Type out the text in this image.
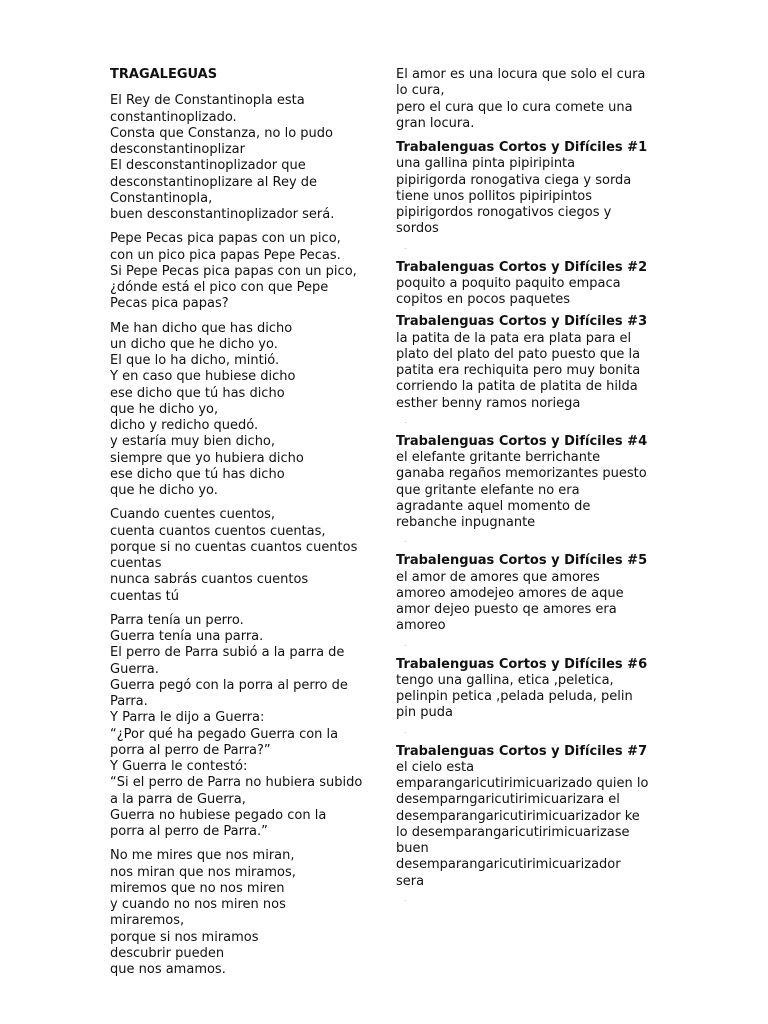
TRAGALEGUAS
El Rey de Constantinopla esta
constantinoplizado.
Consta que Constanza, no lo pudo
desconstantinoplizar
El desconstantinoplizador que
desconstantinoplizare al Rey de
Constantinopla,
buen desconstantinoplizador será.
Pepe Pecas pica papas con un pico,
con un pico pica papas Pepe Pecas.
Si Pepe Pecas pica papas con un pico,
¿dónde está el pico con que Pepe
Pecas pica papas?
Me han dicho que has dicho
un dicho que he dicho yo.
El que lo ha dicho, mintió.
Y en caso que hubiese dicho
ese dicho que tú has dicho
que he dicho yo,
dicho y redicho quedó.
y estaría muy bien dicho,
siempre que yo hubiera dicho
ese dicho que tú has dicho
que he dicho yo.
Cuando cuentes cuentos,
cuenta cuantos cuentos cuentas,
porque si no cuentas cuantos cuentos
cuentas
nunca sabrás cuantos cuentos
cuentas tú
Parra tenía un perro.
Guerra tenía una parra.
El perro de Parra subió a la parra de
Guerra.
Guerra pegó con la porra al perro de
Parra.
Y Parra le dijo a Guerra:
“¿Por qué ha pegado Guerra con la
porra al perro de Parra?”
Y Guerra le contestó:
“Si el perro de Parra no hubiera subido
a la parra de Guerra,
Guerra no hubiese pegado con la
porra al perro de Parra.”
No me mires que nos miran,
nos miran que nos miramos,
miremos que no nos miren
y cuando no nos miren nos
miraremos,
porque si nos miramos
descubrir pueden
que nos amamos.
El amor es una locura que solo el cura
lo cura,
pero el cura que lo cura comete una
gran locura.
Trabalenguas Cortos y Difíciles #1
una gallina pinta pipiripinta
pipirigorda ronogativa ciega y sorda
tiene unos pollitos pipiripintos
pipirigordos ronogativos ciegos y
sordos
.
Trabalenguas Cortos y Difíciles #2
poquito a poquito paquito empaca
copitos en pocos paquetes
Trabalenguas Cortos y Difíciles #3
la patita de la pata era plata para el
plato del plato del pato puesto que la
patita era rechiquita pero muy bonita
corriendo la patita de platita de hilda
esther benny ramos noriega
.
Trabalenguas Cortos y Difíciles #4
el elefante gritante berrichante
ganaba regaños memorizantes puesto
que gritante elefante no era
agradante aquel momento de
rebanche inpugnante
.
Trabalenguas Cortos y Difíciles #5
el amor de amores que amores
amoreo amodejeo amores de aque
amor dejeo puesto qe amores era
amoreo
.
Trabalenguas Cortos y Difíciles #6
tengo una gallina, etica ,peletica,
pelinpin petica ,pelada peluda, pelin
pin puda
.
Trabalenguas Cortos y Difíciles #7
el cielo esta
emparangaricutirimicuarizado quien lo
desemparngaricutirimicuarizara el
desemparangaricutirimicuarizador ke
lo desemparangaricutirimicuarizase
buen
desemparangaricutirimicuarizador
sera
.
